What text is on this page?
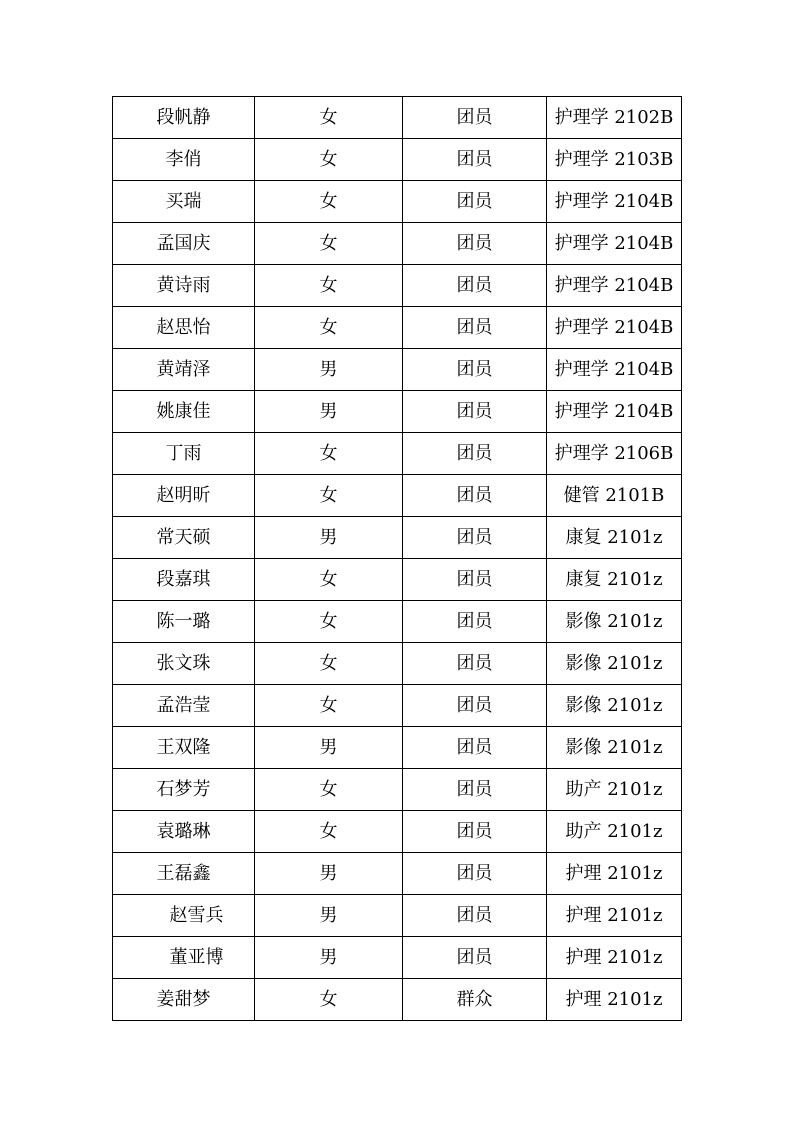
段帆静	女	团员	护理学 2102B
李俏	女	团员	护理学 2103B
买瑞	女	团员	护理学 2104B
孟国庆	女	团员	护理学 2104B
黄诗雨	女	团员	护理学 2104B
赵思怡	女	团员	护理学 2104B
黄靖泽	男	团员	护理学 2104B
姚康佳	男	团员	护理学 2104B
丁雨	女	团员	护理学 2106B
赵明昕	女	团员	健管 2101B
常天硕	男	团员	康复 2101z
段嘉琪	女	团员	康复 2101z
陈一璐	女	团员	影像 2101z
张文珠	女	团员	影像 2101z
孟浩莹	女	团员	影像 2101z
王双隆	男	团员	影像 2101z
石梦芳	女	团员	助产 2101z
袁璐琳	女	团员	助产 2101z
王磊鑫	男	团员	护理 2101z
赵雪兵	男	团员	护理 2101z
董亚博	男	团员	护理 2101z
姜甜梦	女	群众	护理 2101z
